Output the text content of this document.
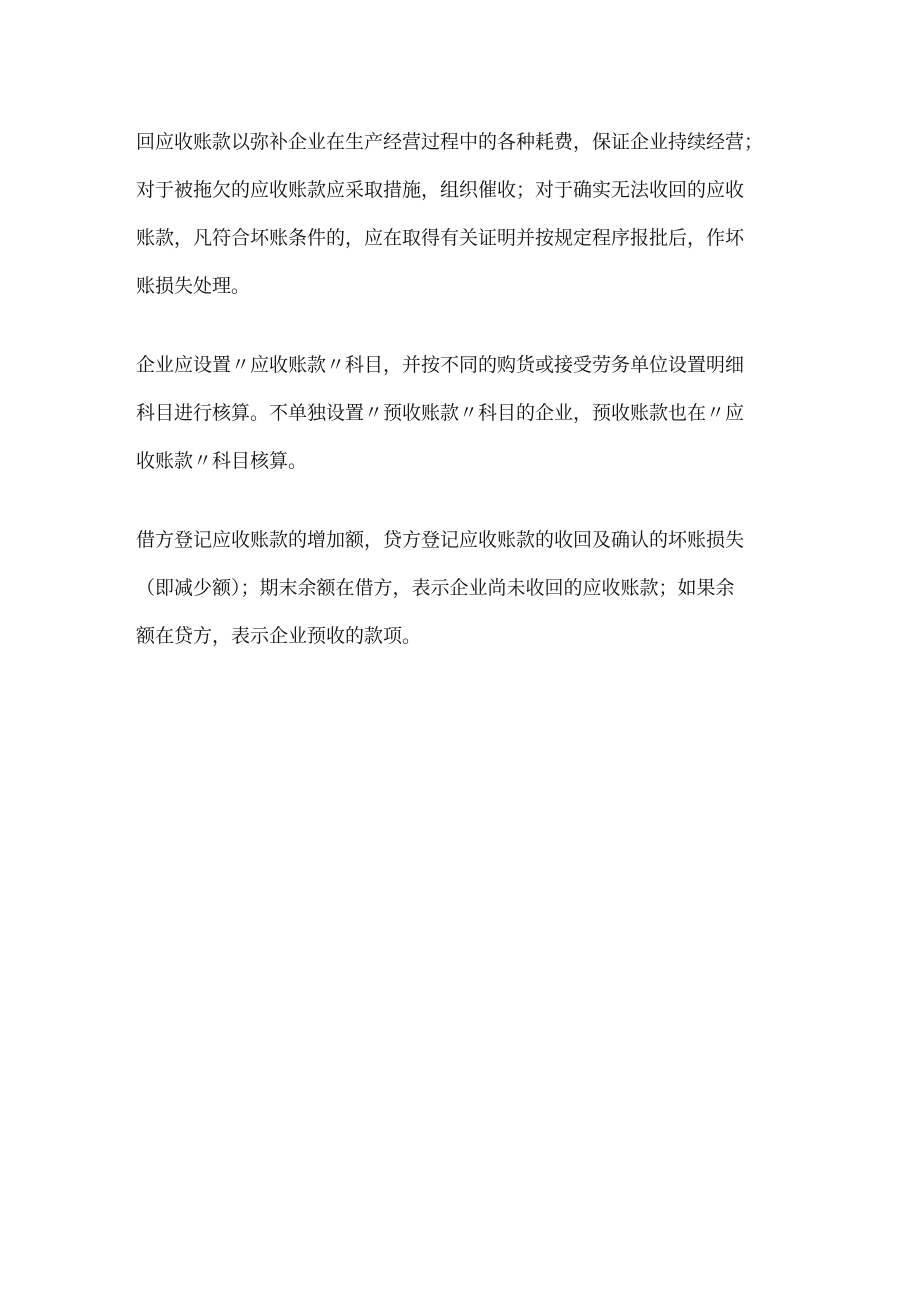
回应收账款以弥补企业在生产经营过程中的各种耗费，保证企业持续经营；
对于被拖欠的应收账款应采取措施，组织催收；对于确实无法收回的应收
账款，凡符合坏账条件的，应在取得有关证明并按规定程序报批后，作坏
账损失处理。

企业应设置〃应收账款〃科目，并按不同的购货或接受劳务单位设置明细
科目进行核算。不单独设置〃预收账款〃科目的企业，预收账款也在〃应
收账款〃科目核算。

借方登记应收账款的增加额，贷方登记应收账款的收回及确认的坏账损失
（即减少额）；期末余额在借方，表示企业尚未收回的应收账款；如果余
额在贷方，表示企业预收的款项。
